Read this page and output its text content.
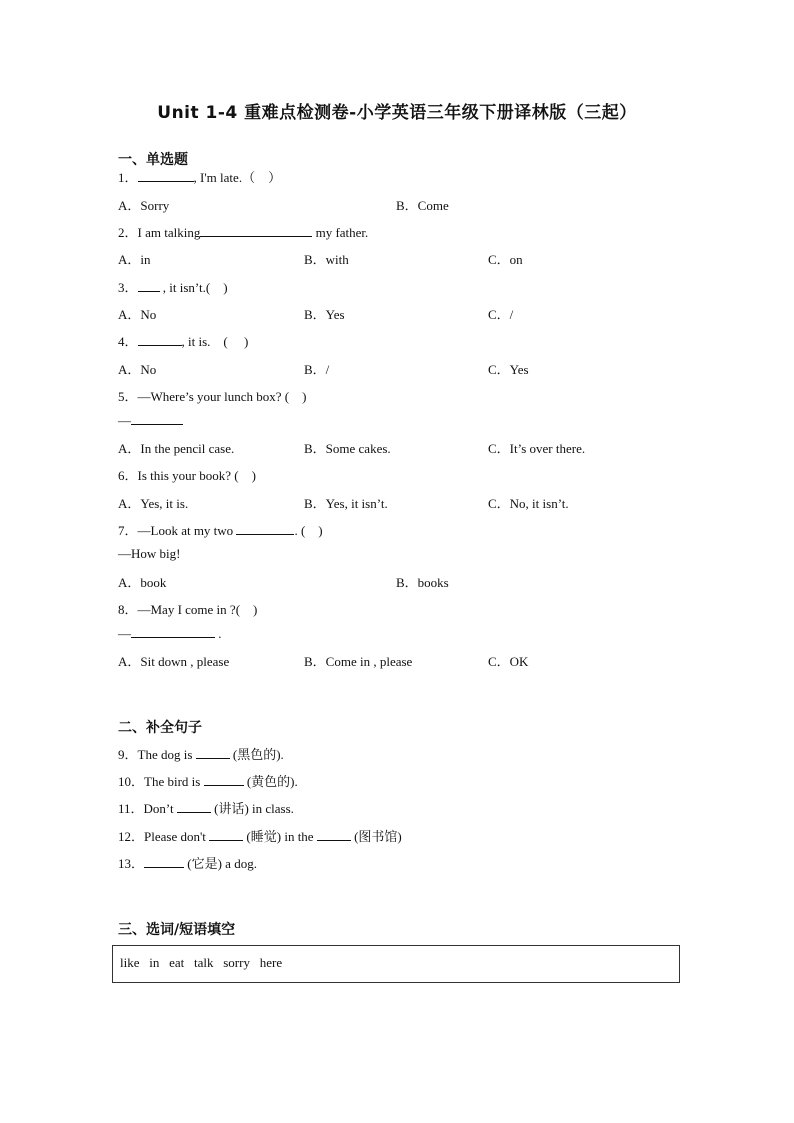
Unit 1-4 重难点检测卷-小学英语三年级下册译林版（三起）
一、单选题
1．	, I'm late.（　）
A．Sorry	B．Come
2．I am talking	my father.
A．in	B．with	C．on
3． , it isn’t.(　)
A．No	B．Yes	C．/
4．	, it is.　(　 )
A．No	B．/	C．Yes
5．—Where’s your lunch box? (　)
—
A．In the pencil case.	B．Some cakes.	C．It’s over there.
6．Is this your book? (　)
A．Yes, it is.	B．Yes, it isn’t.	C．No, it isn’t.
7．—Look at my two	. (　)
—How big!
A．book	B．books
8．—May I come in ?(　)
—	.
A．Sit down , please	B．Come in , please	C．OK
二、补全句子
9．The dog is	(黑色的).
10．The bird is	(黄色的).
11．Don’t	(讲话) in class.
12．Please don't	(睡觉) in the	(图书馆)
13．	(它是) a dog.
三、选词/短语填空
like   in   eat   talk   sorry   here
